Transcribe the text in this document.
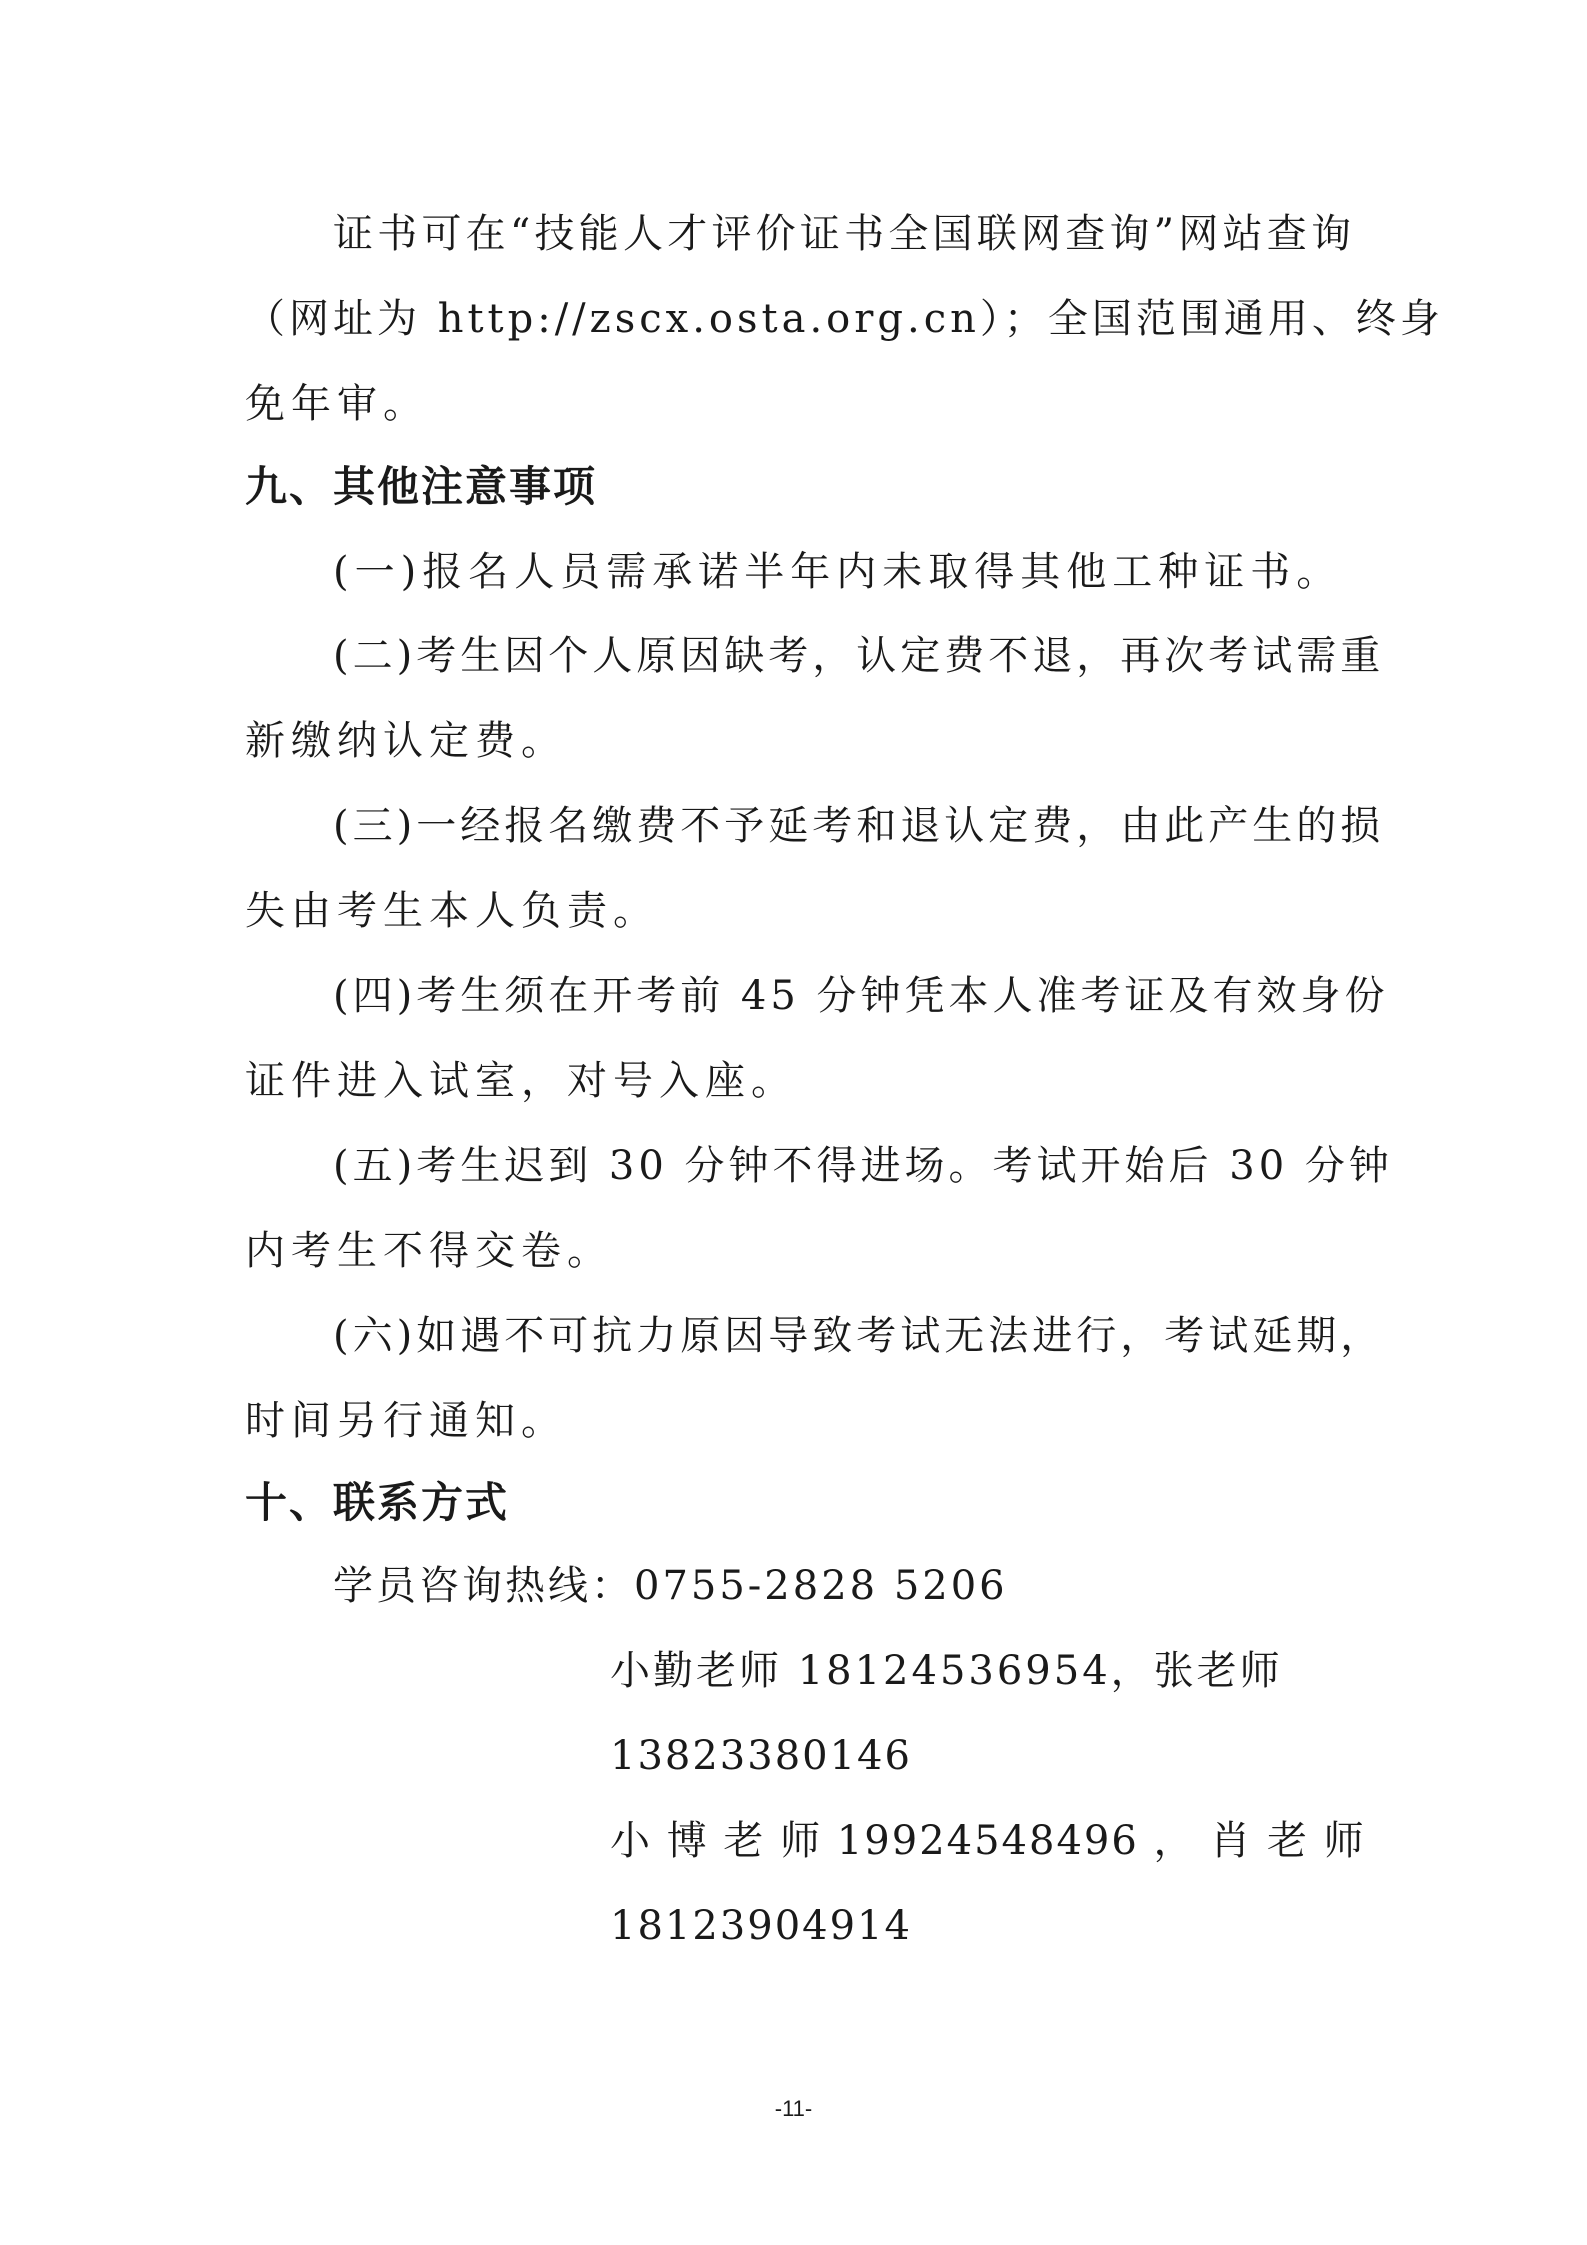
证书可在“技能人才评价证书全国联网查询”网站查询
（网址为 http://zscx.osta.org.cn）；全国范围通用、终身
免年审。
九、其他注意事项
(一)报名人员需承诺半年内未取得其他工种证书。
(二)考生因个人原因缺考，认定费不退，再次考试需重
新缴纳认定费。
(三)一经报名缴费不予延考和退认定费，由此产生的损
失由考生本人负责。
(四)考生须在开考前 45 分钟凭本人准考证及有效身份
证件进入试室，对号入座。
(五)考生迟到 30 分钟不得进场。考试开始后 30 分钟
内考生不得交卷。
(六)如遇不可抗力原因导致考试无法进行，考试延期，
时间另行通知。
十、联系方式
学员咨询热线：0755-2828 5206
小勤老师 18124536954，张老师
13823380146
小 博 老 师 19924548496 ， 肖 老 师
18123904914
-11-
